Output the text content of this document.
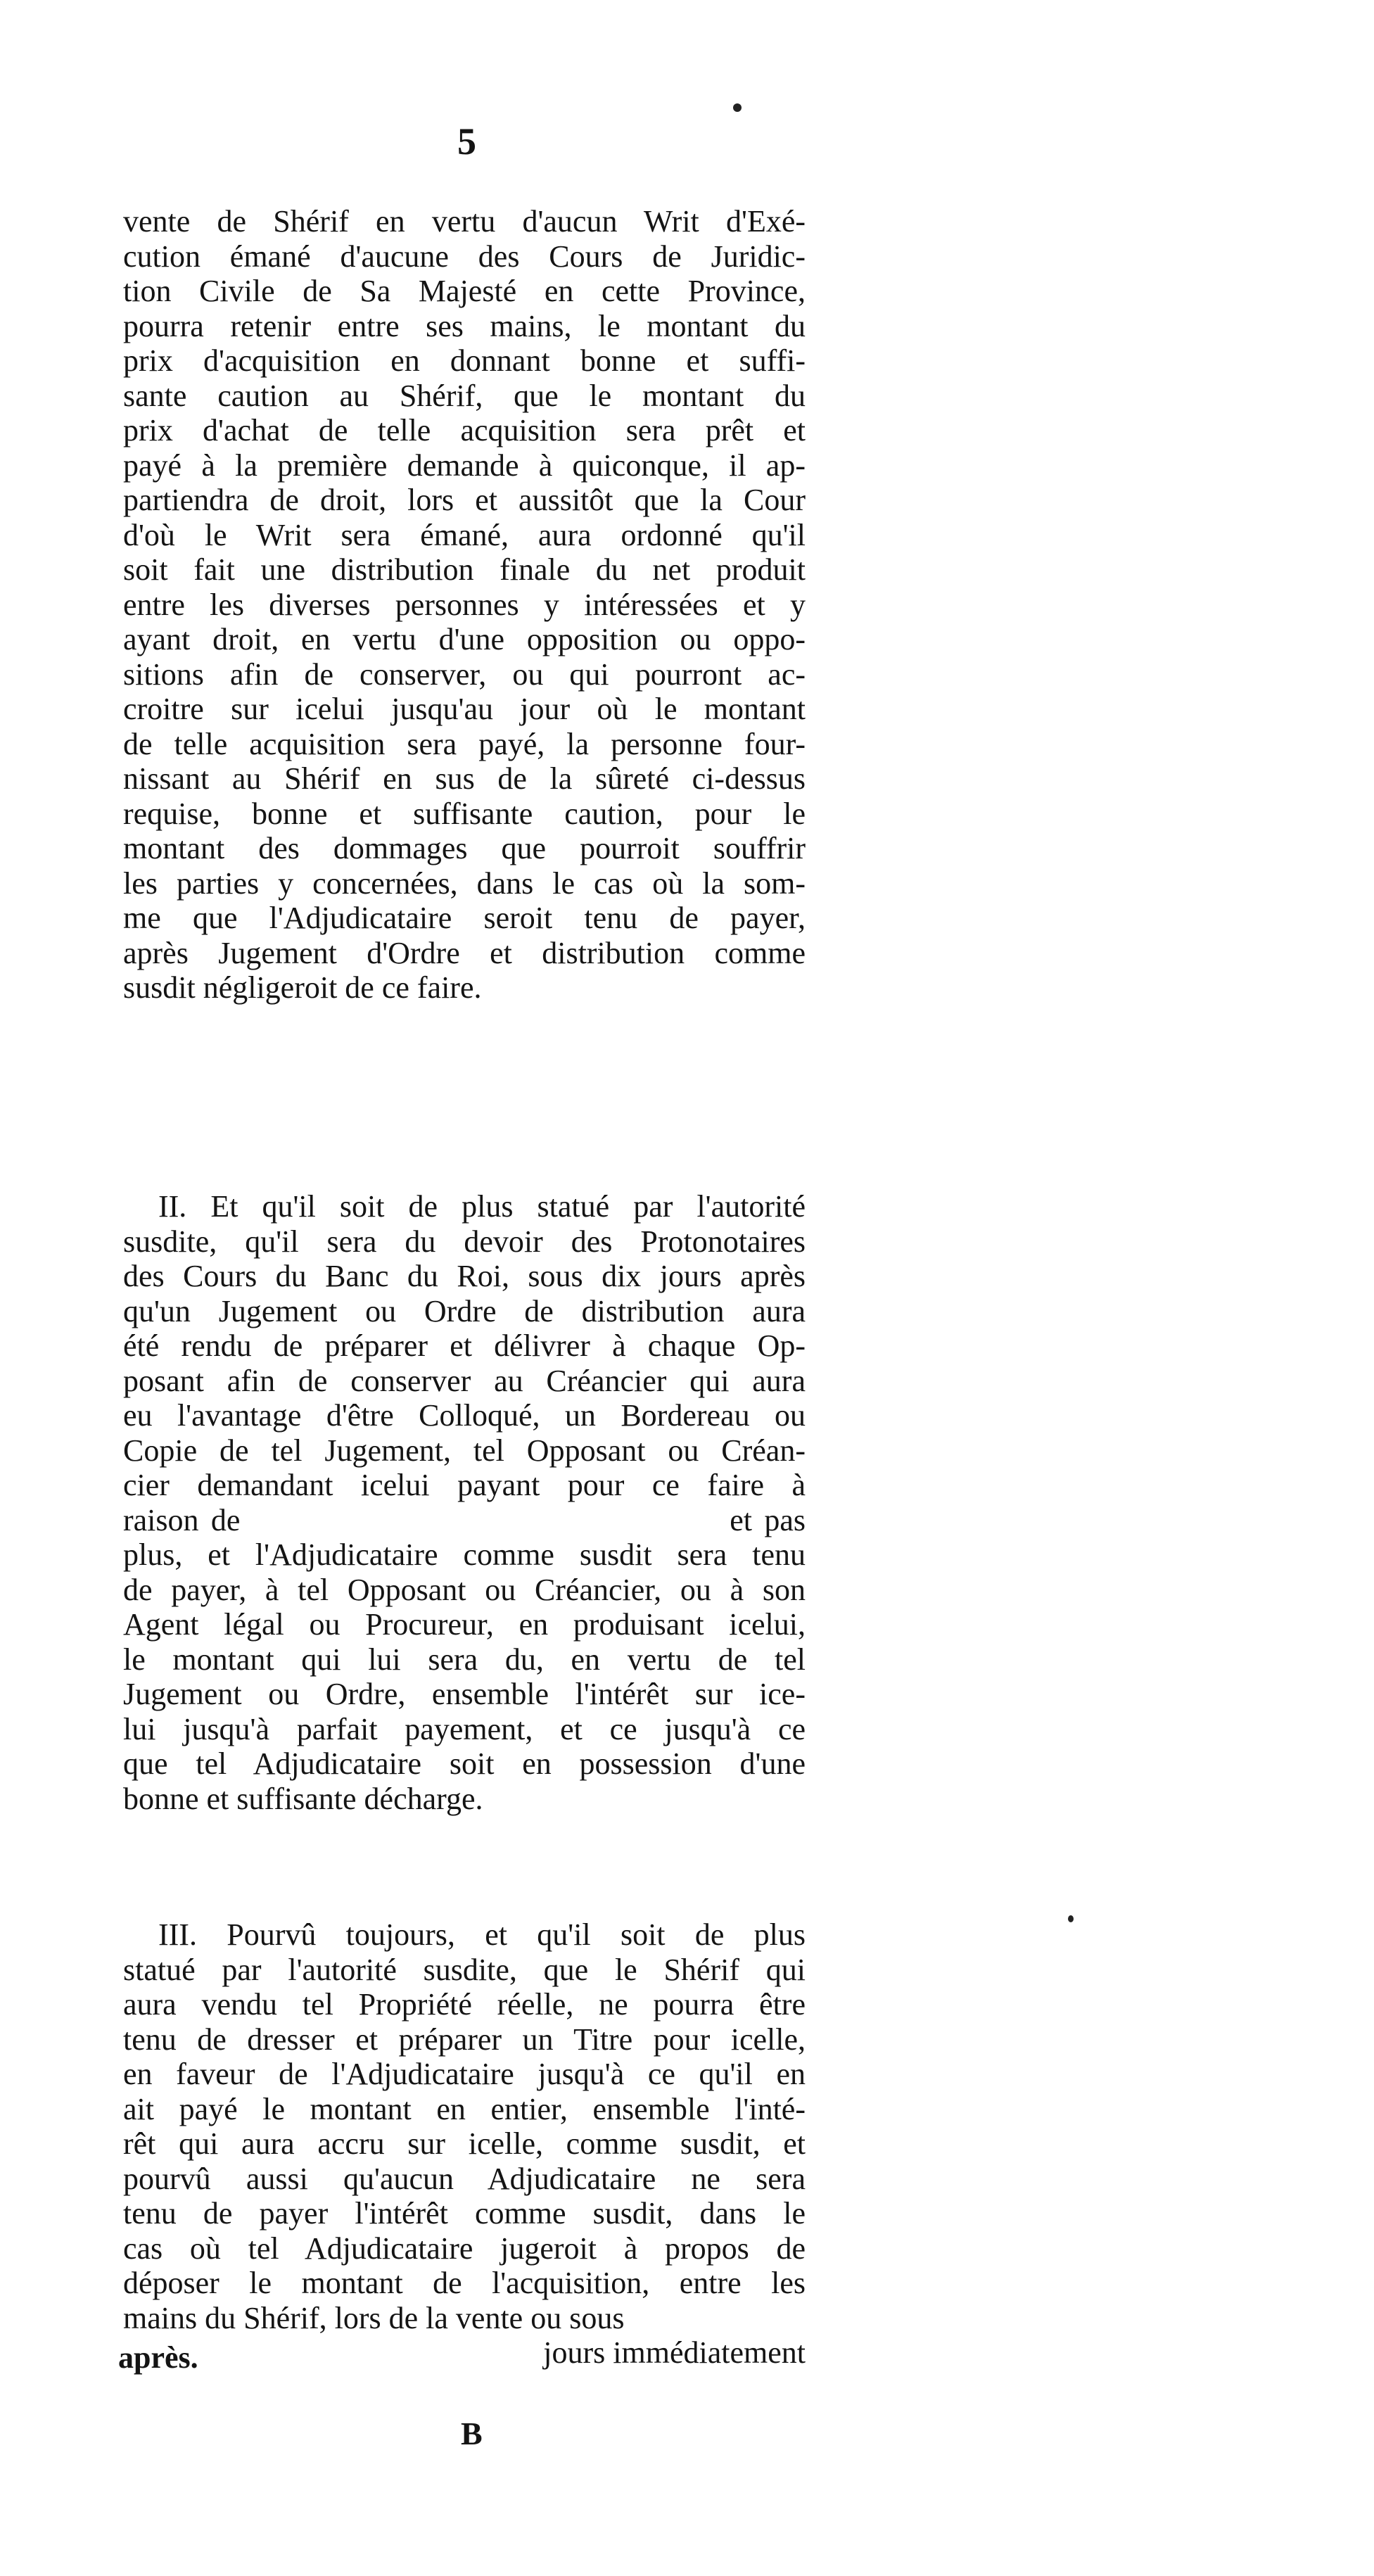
5
vente de Shérif en vertu d'aucun Writ d'Exé-
cution émané d'aucune des Cours de Juridic-
tion Civile de Sa Majesté en cette Province,
pourra retenir entre ses mains, le montant du
prix d'acquisition en donnant bonne et suffi-
sante caution au Shérif, que le montant du
prix d'achat de telle acquisition sera prêt et
payé à la première demande à quiconque, il ap-
partiendra de droit, lors et aussitôt que la Cour
d'où le Writ sera émané, aura ordonné qu'il
soit fait une distribution finale du net produit
entre les diverses personnes y intéressées et y
ayant droit, en vertu d'une opposition ou oppo-
sitions afin de conserver, ou qui pourront ac-
croitre sur icelui jusqu'au jour où le montant
de telle acquisition sera payé, la personne four-
nissant au Shérif en sus de la sûreté ci-dessus
requise, bonne et suffisante caution, pour le
montant des dommages que pourroit souffrir
les parties y concernées, dans le cas où la som-
me que l'Adjudicataire seroit tenu de payer,
après Jugement d'Ordre et distribution comme
susdit négligeroit de ce faire.
II. Et qu'il soit de plus statué par l'autorité
susdite, qu'il sera du devoir des Protonotaires
des Cours du Banc du Roi, sous dix jours après
qu'un Jugement ou Ordre de distribution aura
été rendu de préparer et délivrer à chaque Op-
posant afin de conserver au Créancier qui aura
eu l'avantage d'être Colloqué, un Bordereau ou
Copie de tel Jugement, tel Opposant ou Créan-
cier demandant icelui payant pour ce faire à
raison de                                        et pas
plus, et l'Adjudicataire comme susdit sera tenu
de payer, à tel Opposant ou Créancier, ou à son
Agent légal ou Procureur, en produisant icelui,
le montant qui lui sera du, en vertu de tel
Jugement ou Ordre, ensemble l'intérêt sur ice-
lui jusqu'à parfait payement, et ce jusqu'à ce
que tel Adjudicataire soit en possession d'une
bonne et suffisante décharge.
III. Pourvû toujours, et qu'il soit de plus
statué par l'autorité susdite, que le Shérif qui
aura vendu tel Propriété réelle, ne pourra être
tenu de dresser et préparer un Titre pour icelle,
en faveur de l'Adjudicataire jusqu'à ce qu'il en
ait payé le montant en entier, ensemble l'inté-
rêt qui aura accru sur icelle, comme susdit, et
pourvû aussi qu'aucun Adjudicataire ne sera
tenu de payer l'intérêt comme susdit, dans le
cas où tel Adjudicataire jugeroit à propos de
déposer le montant de l'acquisition, entre les
mains du Shérif, lors de la vente ou sous
jours immédiatement
après.
B
